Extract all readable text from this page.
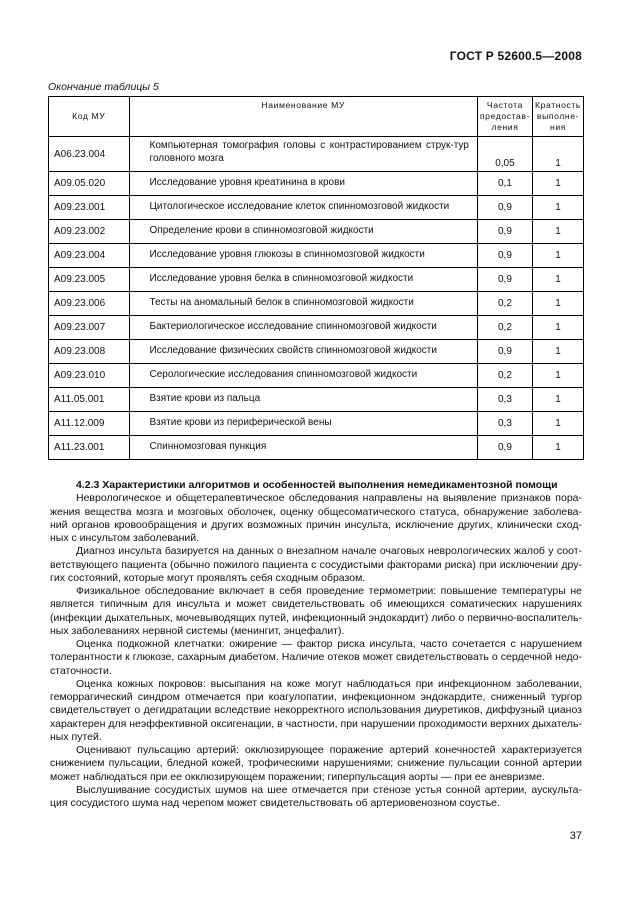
ГОСТ Р 52600.5—2008
Окончание таблицы 5
Код МУ	Наименование МУ	Частота предостав-ления	Кратность выполне-ния
A06.23.004	Компьютерная томография головы с контрастированием струк-тур головного мозга	0,05	1
A09.05.020	Исследование уровня креатинина в крови	0,1	1
A09.23.001	Цитологическое исследование клеток спинномозговой жидкости	0,9	1
A09.23.002	Определение крови в спинномозговой жидкости	0,9	1
A09.23.004	Исследование уровня глюкозы в спинномозговой жидкости	0,9	1
A09.23.005	Исследование уровня белка в спинномозговой жидкости	0,9	1
A09.23.006	Тесты на аномальный белок в спинномозговой жидкости	0,2	1
A09.23.007	Бактериологическое исследование спинномозговой жидкости	0,2	1
A09.23.008	Исследование физических свойств спинномозговой жидкости	0,9	1
A09.23.010	Серологические исследования спинномозговой жидкости	0,2	1
A11.05.001	Взятие крови из пальца	0,3	1
A11.12.009	Взятие крови из периферической вены	0,3	1
A11.23.001	Спинномозговая пункция	0,9	1
4.2.3 Характеристики алгоритмов и особенностей выполнения немедикаментозной помощи

Неврологическое и общетерапевтическое обследования направлены на выявление признаков пора-жения вещества мозга и мозговых оболочек, оценку общесоматического статуса, обнаружение заболева-ний органов кровообращения и других возможных причин инсульта, исключение других, клинически сход-ных с инсультом заболеваний.

Диагноз инсульта базируется на данных о внезапном начале очаговых неврологических жалоб у соот-ветствующего пациента (обычно пожилого пациента с сосудистыми факторами риска) при исключении дру-гих состояний, которые могут проявлять себя сходным образом.

Физикальное обследование включает в себя проведение термометрии: повышение температуры не является типичным для инсульта и может свидетельствовать об имеющихся соматических нарушениях (инфекции дыхательных, мочевыводящих путей, инфекционный эндокардит) либо о первично-воспалитель-ных заболеваниях нервной системы (менингит, энцефалит).

Оценка подкожной клетчатки: ожирение — фактор риска инсульта, часто сочетается с нарушением толерантности к глюкозе, сахарным диабетом. Наличие отеков может свидетельствовать о сердечной недо-статочности.

Оценка кожных покровов: высыпания на коже могут наблюдаться при инфекционном заболевании, геморрагический синдром отмечается при коагулопатии, инфекционном эндокардите, сниженный тургор свидетельствует о дегидратации вследствие некорректного использования диуретиков, диффузный цианоз характерен для неэффективной оксигенации, в частности, при нарушении проходимости верхних дыхатель-ных путей.

Оценивают пульсацию артерий: окклюзирующее поражение артерий конечностей характеризуется снижением пульсации, бледной кожей, трофическими нарушениями; снижение пульсации сонной артерии может наблюдаться при ее окклюзирующем поражении; гиперпульсация аорты — при ее аневризме.

Выслушивание сосудистых шумов на шее отмечается при стенозе устья сонной артерии, аускульта-ция сосудистого шума над черепом может свидетельствовать об артериовенозном соустье.

37
